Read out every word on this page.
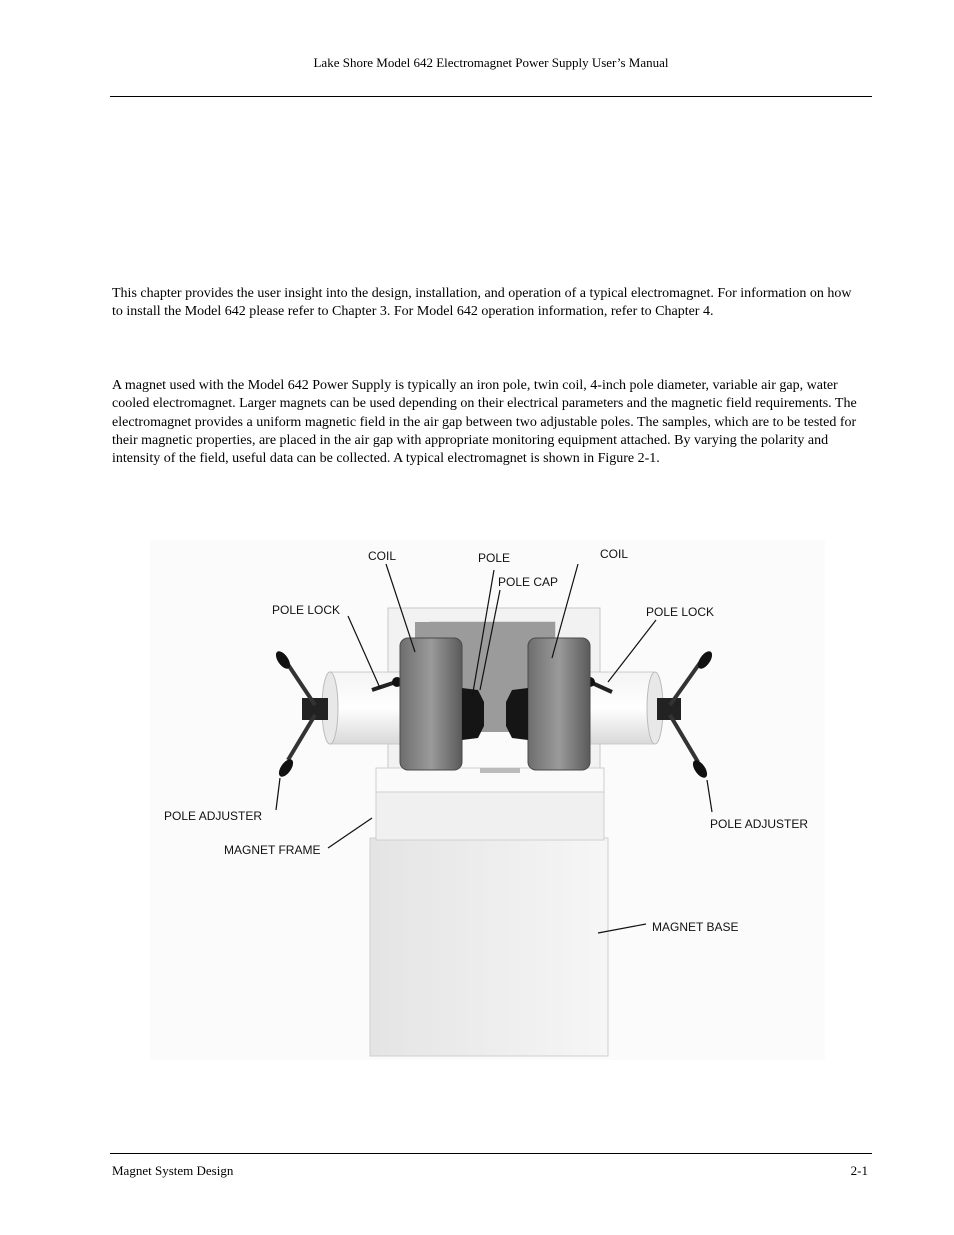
Lake Shore Model 642 Electromagnet Power Supply User’s Manual

This chapter provides the user insight into the design, installation, and operation of a typical electromagnet. For information on how to install the Model 642 please refer to Chapter 3. For Model 642 operation information, refer to Chapter 4.

A magnet used with the Model 642 Power Supply is typically an iron pole, twin coil, 4-inch pole diameter, variable air gap, water cooled electromagnet. Larger magnets can be used depending on their electrical parameters and the magnetic field requirements. The electromagnet provides a uniform magnetic field in the air gap between two adjustable poles. The samples, which are to be tested for their magnetic properties, are placed in the air gap with appropriate monitoring equipment attached. By varying the polarity and intensity of the field, useful data can be collected. A typical electromagnet is shown in Figure 2-1.

COIL	POLE
POLE CAP
COIL
POLE LOCK	POLE LOCK
POLE ADJUSTER
POLE ADJUSTER
MAGNET FRAME
MAGNET BASE
Magnet System Design	2-1
